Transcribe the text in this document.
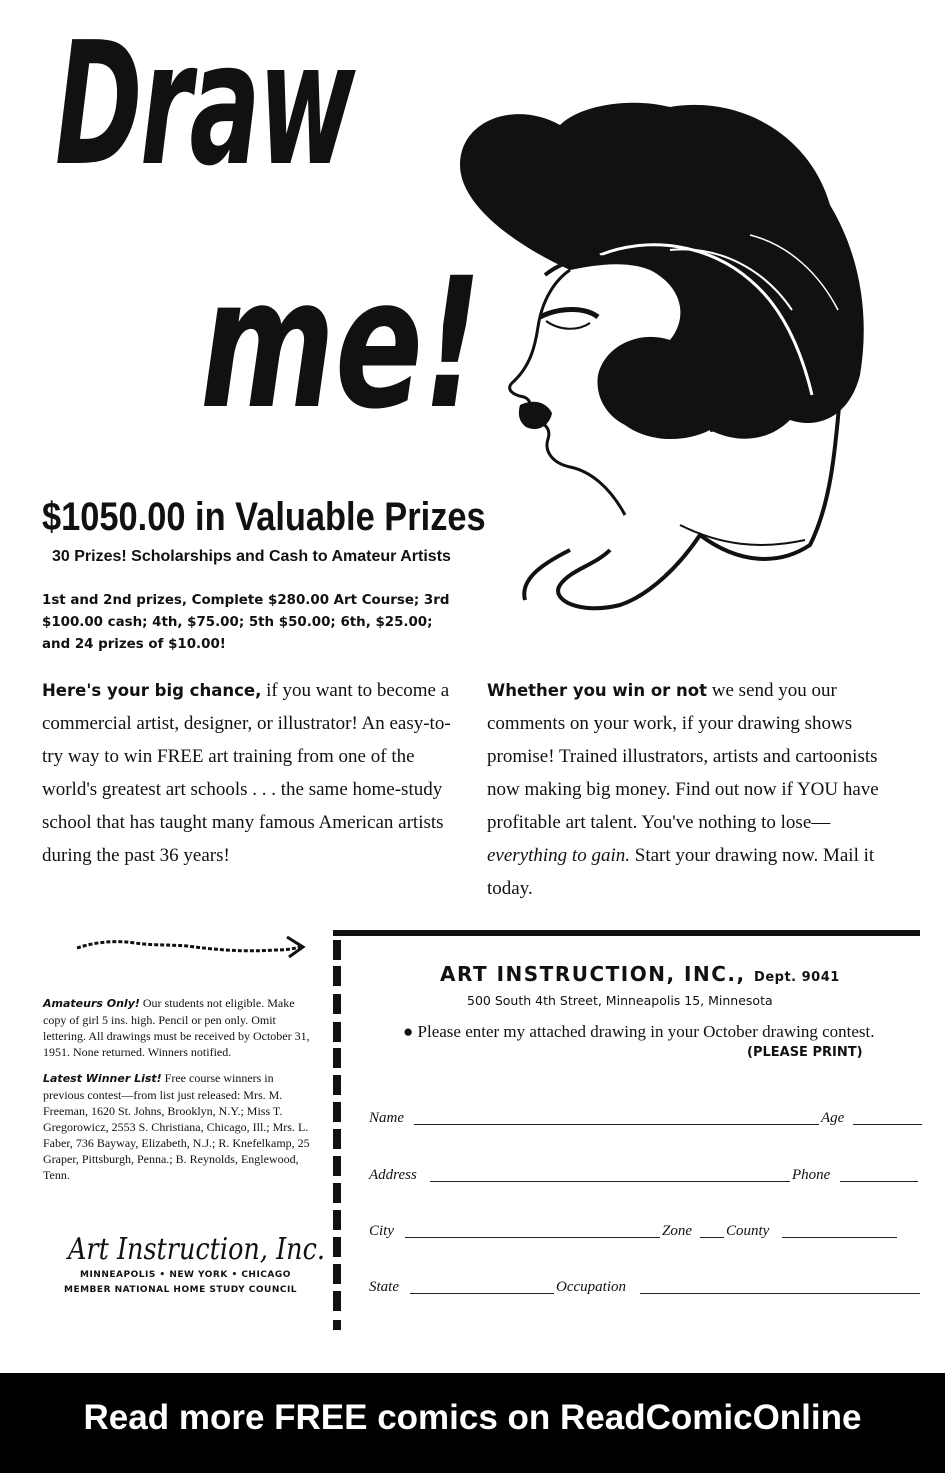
Draw
me!
$1050.00 in Valuable Prizes
30 Prizes! Scholarships and Cash to Amateur Artists
1st and 2nd prizes, Complete $280.00 Art Course; 3rd $100.00 cash; 4th, $75.00; 5th $50.00; 6th, $25.00; and 24 prizes of $10.00!
Here's your big chance, if you want to become a commercial artist, designer, or illustrator! An easy-to-try way to win FREE art training from one of the world's greatest art schools . . . the same home-study school that has taught many famous American artists during the past 36 years!
Whether you win or not we send you our comments on your work, if your drawing shows promise! Trained illustrators, artists and cartoonists now making big money. Find out now if YOU have profitable art talent. You've nothing to lose—everything to gain. Start your drawing now. Mail it today.
Amateurs Only! Our students not eligible. Make copy of girl 5 ins. high. Pencil or pen only. Omit lettering. All drawings must be received by October 31, 1951. None returned. Winners notified.
Latest Winner List! Free course winners in previous contest—from list just released: Mrs. M. Freeman, 1620 St. Johns, Brooklyn, N.Y.; Miss T. Gregorowicz, 2553 S. Christiana, Chicago, Ill.; Mrs. L. Faber, 736 Bayway, Elizabeth, N.J.; R. Knefelkamp, 25 Graper, Pittsburgh, Penna.; B. Reynolds, Englewood, Tenn.
Art Instruction, Inc.
MINNEAPOLIS • NEW YORK • CHICAGO
MEMBER NATIONAL HOME STUDY COUNCIL
ART INSTRUCTION, INC., Dept. 9041
500 South 4th Street, Minneapolis 15, Minnesota
● Please enter my attached drawing in your October drawing contest.
(PLEASE PRINT)
Name	Age
Address	Phone
City	Zone County
State	Occupation
Read more FREE comics on ReadComicOnline
